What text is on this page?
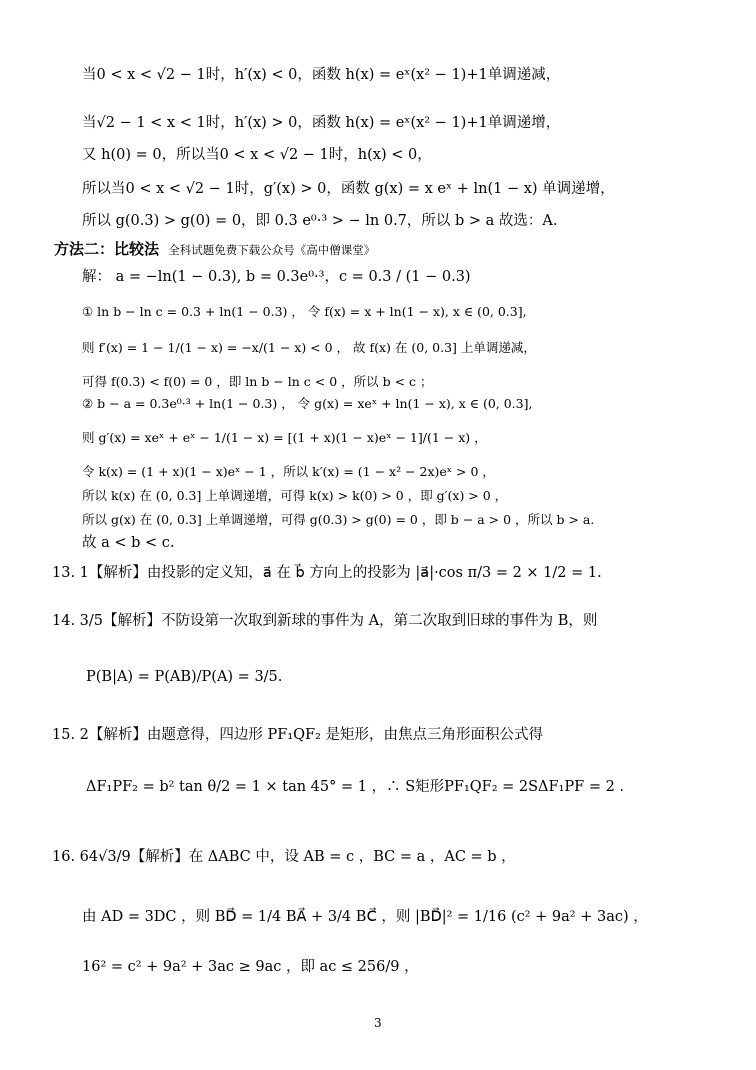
当0 < x < √2 − 1时，h′(x) < 0，函数 h(x) = eˣ(x² − 1)+1单调递减，
当√2 − 1 < x < 1时，h′(x) > 0，函数 h(x) = eˣ(x² − 1)+1单调递增，
又 h(0) = 0，所以当0 < x < √2 − 1时，h(x) < 0，
所以当0 < x < √2 − 1时，g′(x) > 0，函数 g(x) = x eˣ + ln(1 − x) 单调递增，
所以 g(0.3) > g(0) = 0，即 0.3 e⁰·³ > − ln 0.7，所以 b > a 故选：A.
方法二：比较法 全科试题免费下载公众号《高中僧课堂》
解： a = −ln(1 − 0.3), b = 0.3e⁰·³，c = 0.3 / (1 − 0.3)
① ln b − ln c = 0.3 + ln(1 − 0.3) ， 令 f(x) = x + ln(1 − x), x ∈ (0, 0.3],
则 f′(x) = 1 − 1/(1 − x) = −x/(1 − x) < 0 ， 故 f(x) 在 (0, 0.3] 上单调递减，
可得 f(0.3) < f(0) = 0 ，即 ln b − ln c < 0 ，所以 b < c ；
② b − a = 0.3e⁰·³ + ln(1 − 0.3) ， 令 g(x) = xeˣ + ln(1 − x), x ∈ (0, 0.3],
则 g′(x) = xeˣ + eˣ − 1/(1 − x) = [(1 + x)(1 − x)eˣ − 1]/(1 − x) ，
令 k(x) = (1 + x)(1 − x)eˣ − 1 ，所以 k′(x) = (1 − x² − 2x)eˣ > 0 ，
所以 k(x) 在 (0, 0.3] 上单调递增，可得 k(x) > k(0) > 0 ，即 g′(x) > 0 ，
所以 g(x) 在 (0, 0.3] 上单调递增，可得 g(0.3) > g(0) = 0 ，即 b − a > 0 ，所以 b > a.
故 a < b < c.
13. 1【解析】由投影的定义知，a⃗ 在 b⃗ 方向上的投影为 |a⃗|·cos π/3 = 2 × 1/2 = 1.
14. 3/5【解析】不防设第一次取到新球的事件为 A，第二次取到旧球的事件为 B，则
P(B|A) = P(AB)/P(A) = 3/5.
15. 2【解析】由题意得，四边形 PF₁QF₂ 是矩形，由焦点三角形面积公式得
ΔF₁PF₂ = b² tan θ/2 = 1 × tan 45° = 1 ，∴ S矩形PF₁QF₂ = 2SΔF₁PF = 2 .
16. 64√3/9【解析】在 ΔABC 中，设 AB = c ，BC = a ，AC = b ，
由 AD = 3DC ，则 BD⃗ = 1/4 BA⃗ + 3/4 BC⃗ ，则 |BD⃗|² = 1/16 (c² + 9a² + 3ac) ，
16² = c² + 9a² + 3ac ≥ 9ac ，即 ac ≤ 256/9 ，
3
